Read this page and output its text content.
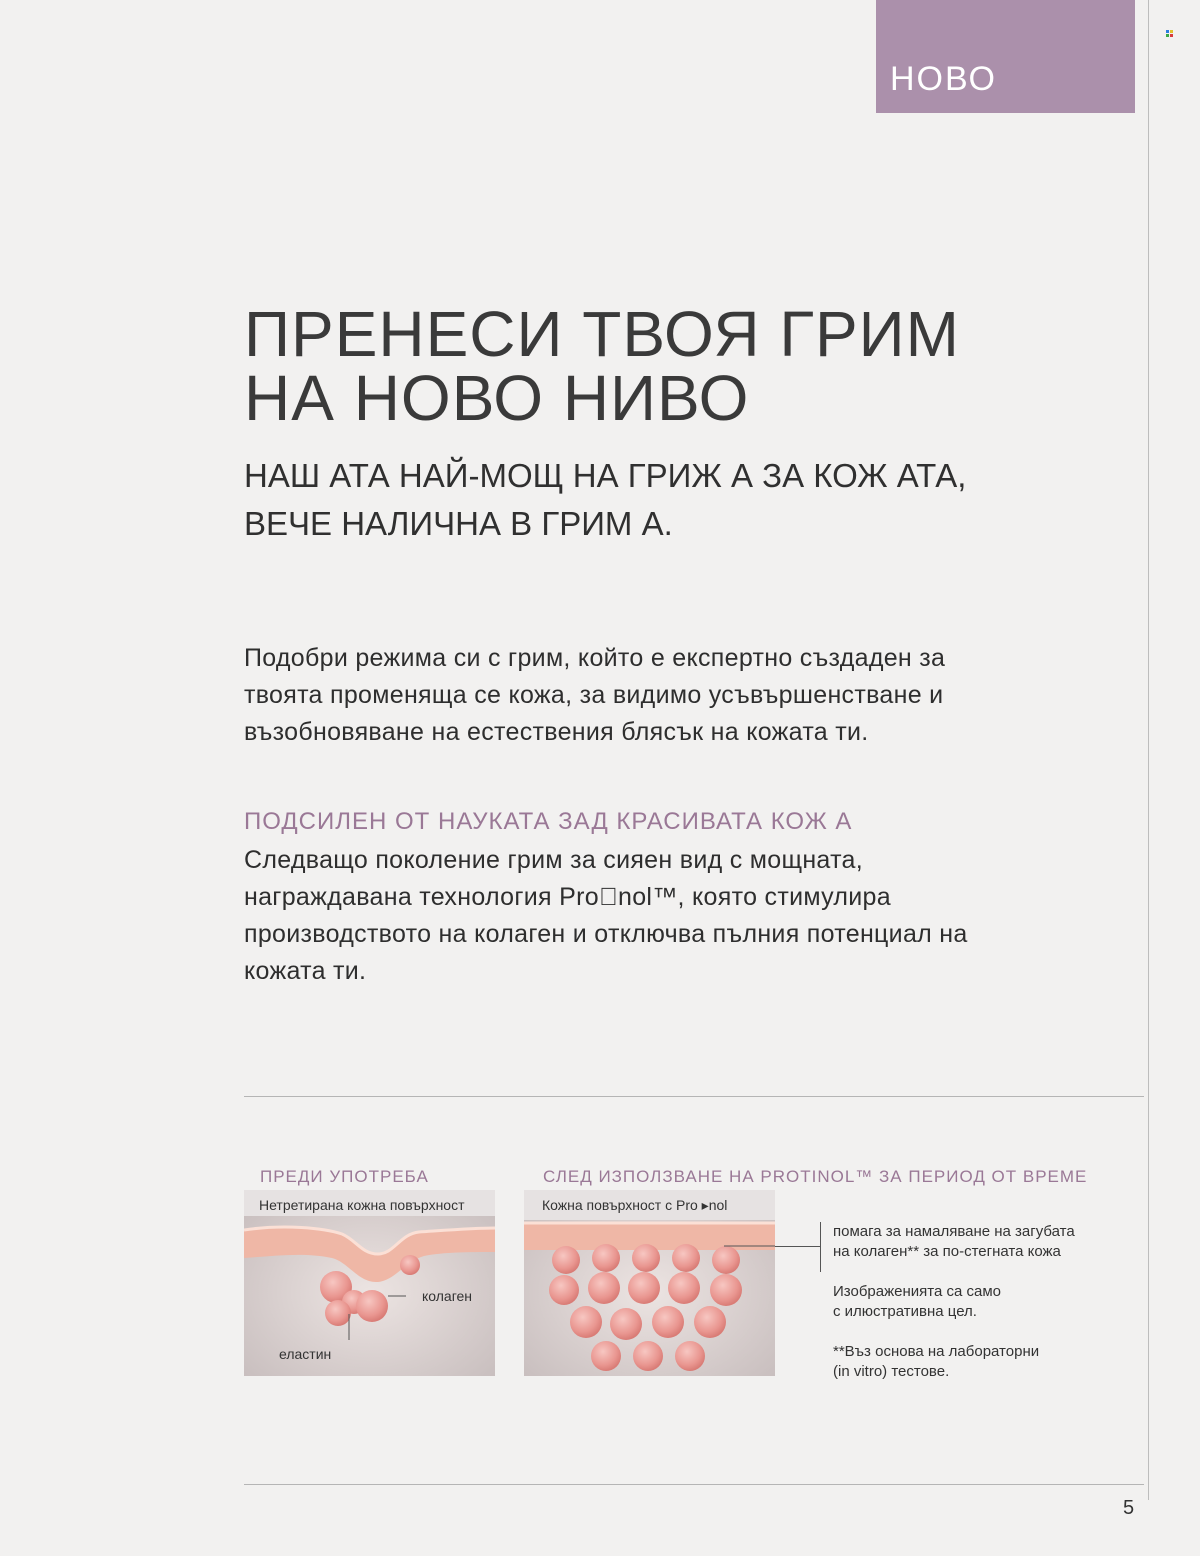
НОВО
ПРЕНЕСИ ТВОЯ ГРИМ
НА НОВО НИВО
НАШ АТА НАЙ-МОЩ НА ГРИЖ А ЗА КОЖ АТА,
ВЕЧЕ НАЛИЧНА В ГРИМ А.

Подобри режима си с грим, който е експертно създаден за твоята променяща се кожа, за видимо усъвършенстване и възобновяване на естествения блясък на кожата ти.

ПОДСИЛЕН ОТ НАУКАТА ЗАД КРАСИВАТА КОЖ А

Следващо поколение грим за сияен вид с мощната, награждавана технология Pro nol™, която стимулира производството на колаген и отключва пълния потенциал на кожата ти.

ПРЕДИ УПОТРЕБА
Нетретирана кожна повърхност
колаген
еластин
СЛЕД ИЗПОЛЗВАНЕ НА PROTINOL™ ЗА ПЕРИОД ОТ ВРЕМЕ
Кожна повърхност с Pro ▸nol

помага за намаляване на загубата
на колаген** за по-стегната кожа

Изображенията са само
с илюстративна цел.

**Въз основа на лабораторни
(in vitro) тестове.

5
